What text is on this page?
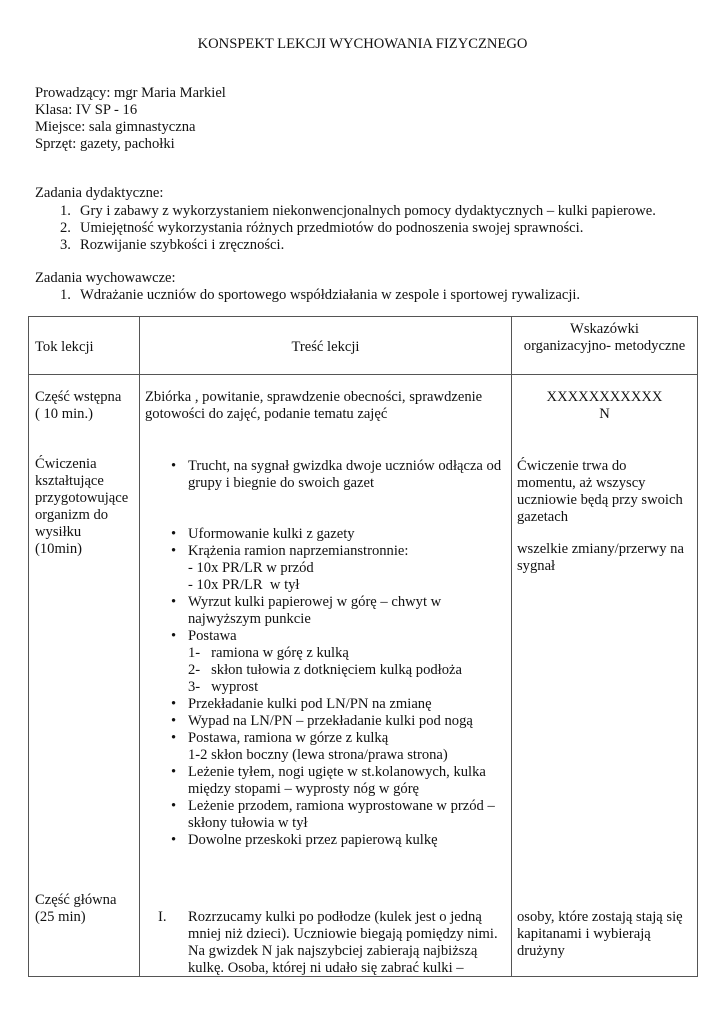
KONSPEKT LEKCJI WYCHOWANIA FIZYCZNEGO
Prowadzący: mgr Maria Markiel
Klasa: IV SP - 16
Miejsce: sala gimnastyczna
Sprzęt: gazety, pachołki
Zadania dydaktyczne:
1. Gry i zabawy z wykorzystaniem niekonwencjonalnych pomocy dydaktycznych – kulki papierowe.
2. Umiejętność wykorzystania różnych przedmiotów do podnoszenia swojej sprawności.
3. Rozwijanie szybkości i zręczności.
Zadania wychowawcze:
1. Wdrażanie uczniów do sportowego współdziałania w zespole i sportowej rywalizacji.
Tok lekcji	Treść lekcji
Wskazówki
organizacyjno- metodyczne
Część wstępna
( 10 min.)
Zbiórka , powitanie, sprawdzenie obecności, sprawdzenie
gotowości do zajęć, podanie tematu zajęć
XXXXXXXXXXX
N
Ćwiczenia
kształtujące
przygotowujące
organizm do
wysiłku
(10min)
• Trucht, na sygnał gwizdka dwoje uczniów odłącza od
grupy i biegnie do swoich gazet
• Uformowanie kulki z gazety
• Krążenia ramion naprzemianstronnie:
- 10x PR/LR w przód
- 10x PR/LR  w tył
• Wyrzut kulki papierowej w górę – chwyt w
najwyższym punkcie
• Postawa
1-   ramiona w górę z kulką
2-   skłon tułowia z dotknięciem kulką podłoża
3-   wyprost
• Przekładanie kulki pod LN/PN na zmianę
• Wypad na LN/PN – przekładanie kulki pod nogą
• Postawa, ramiona w górze z kulką
1-2 skłon boczny (lewa strona/prawa strona)
• Leżenie tyłem, nogi ugięte w st.kolanowych, kulka
między stopami – wyprosty nóg w górę
• Leżenie przodem, ramiona wyprostowane w przód –
skłony tułowia w tył
• Dowolne przeskoki przez papierową kulkę
Ćwiczenie trwa do
momentu, aż wszyscy
uczniowie będą przy swoich
gazetach
wszelkie zmiany/przerwy na
sygnał
Część główna
(25 min)	I. Rozrzucamy kulki po podłodze (kulek jest o jedną
mniej niż dzieci). Uczniowie biegają pomiędzy nimi.
Na gwizdek N jak najszybciej zabierają najbiższą
kulkę. Osoba, której ni udało się zabrać kulki –
osoby, które zostają stają się
kapitanami i wybierają
drużyny
